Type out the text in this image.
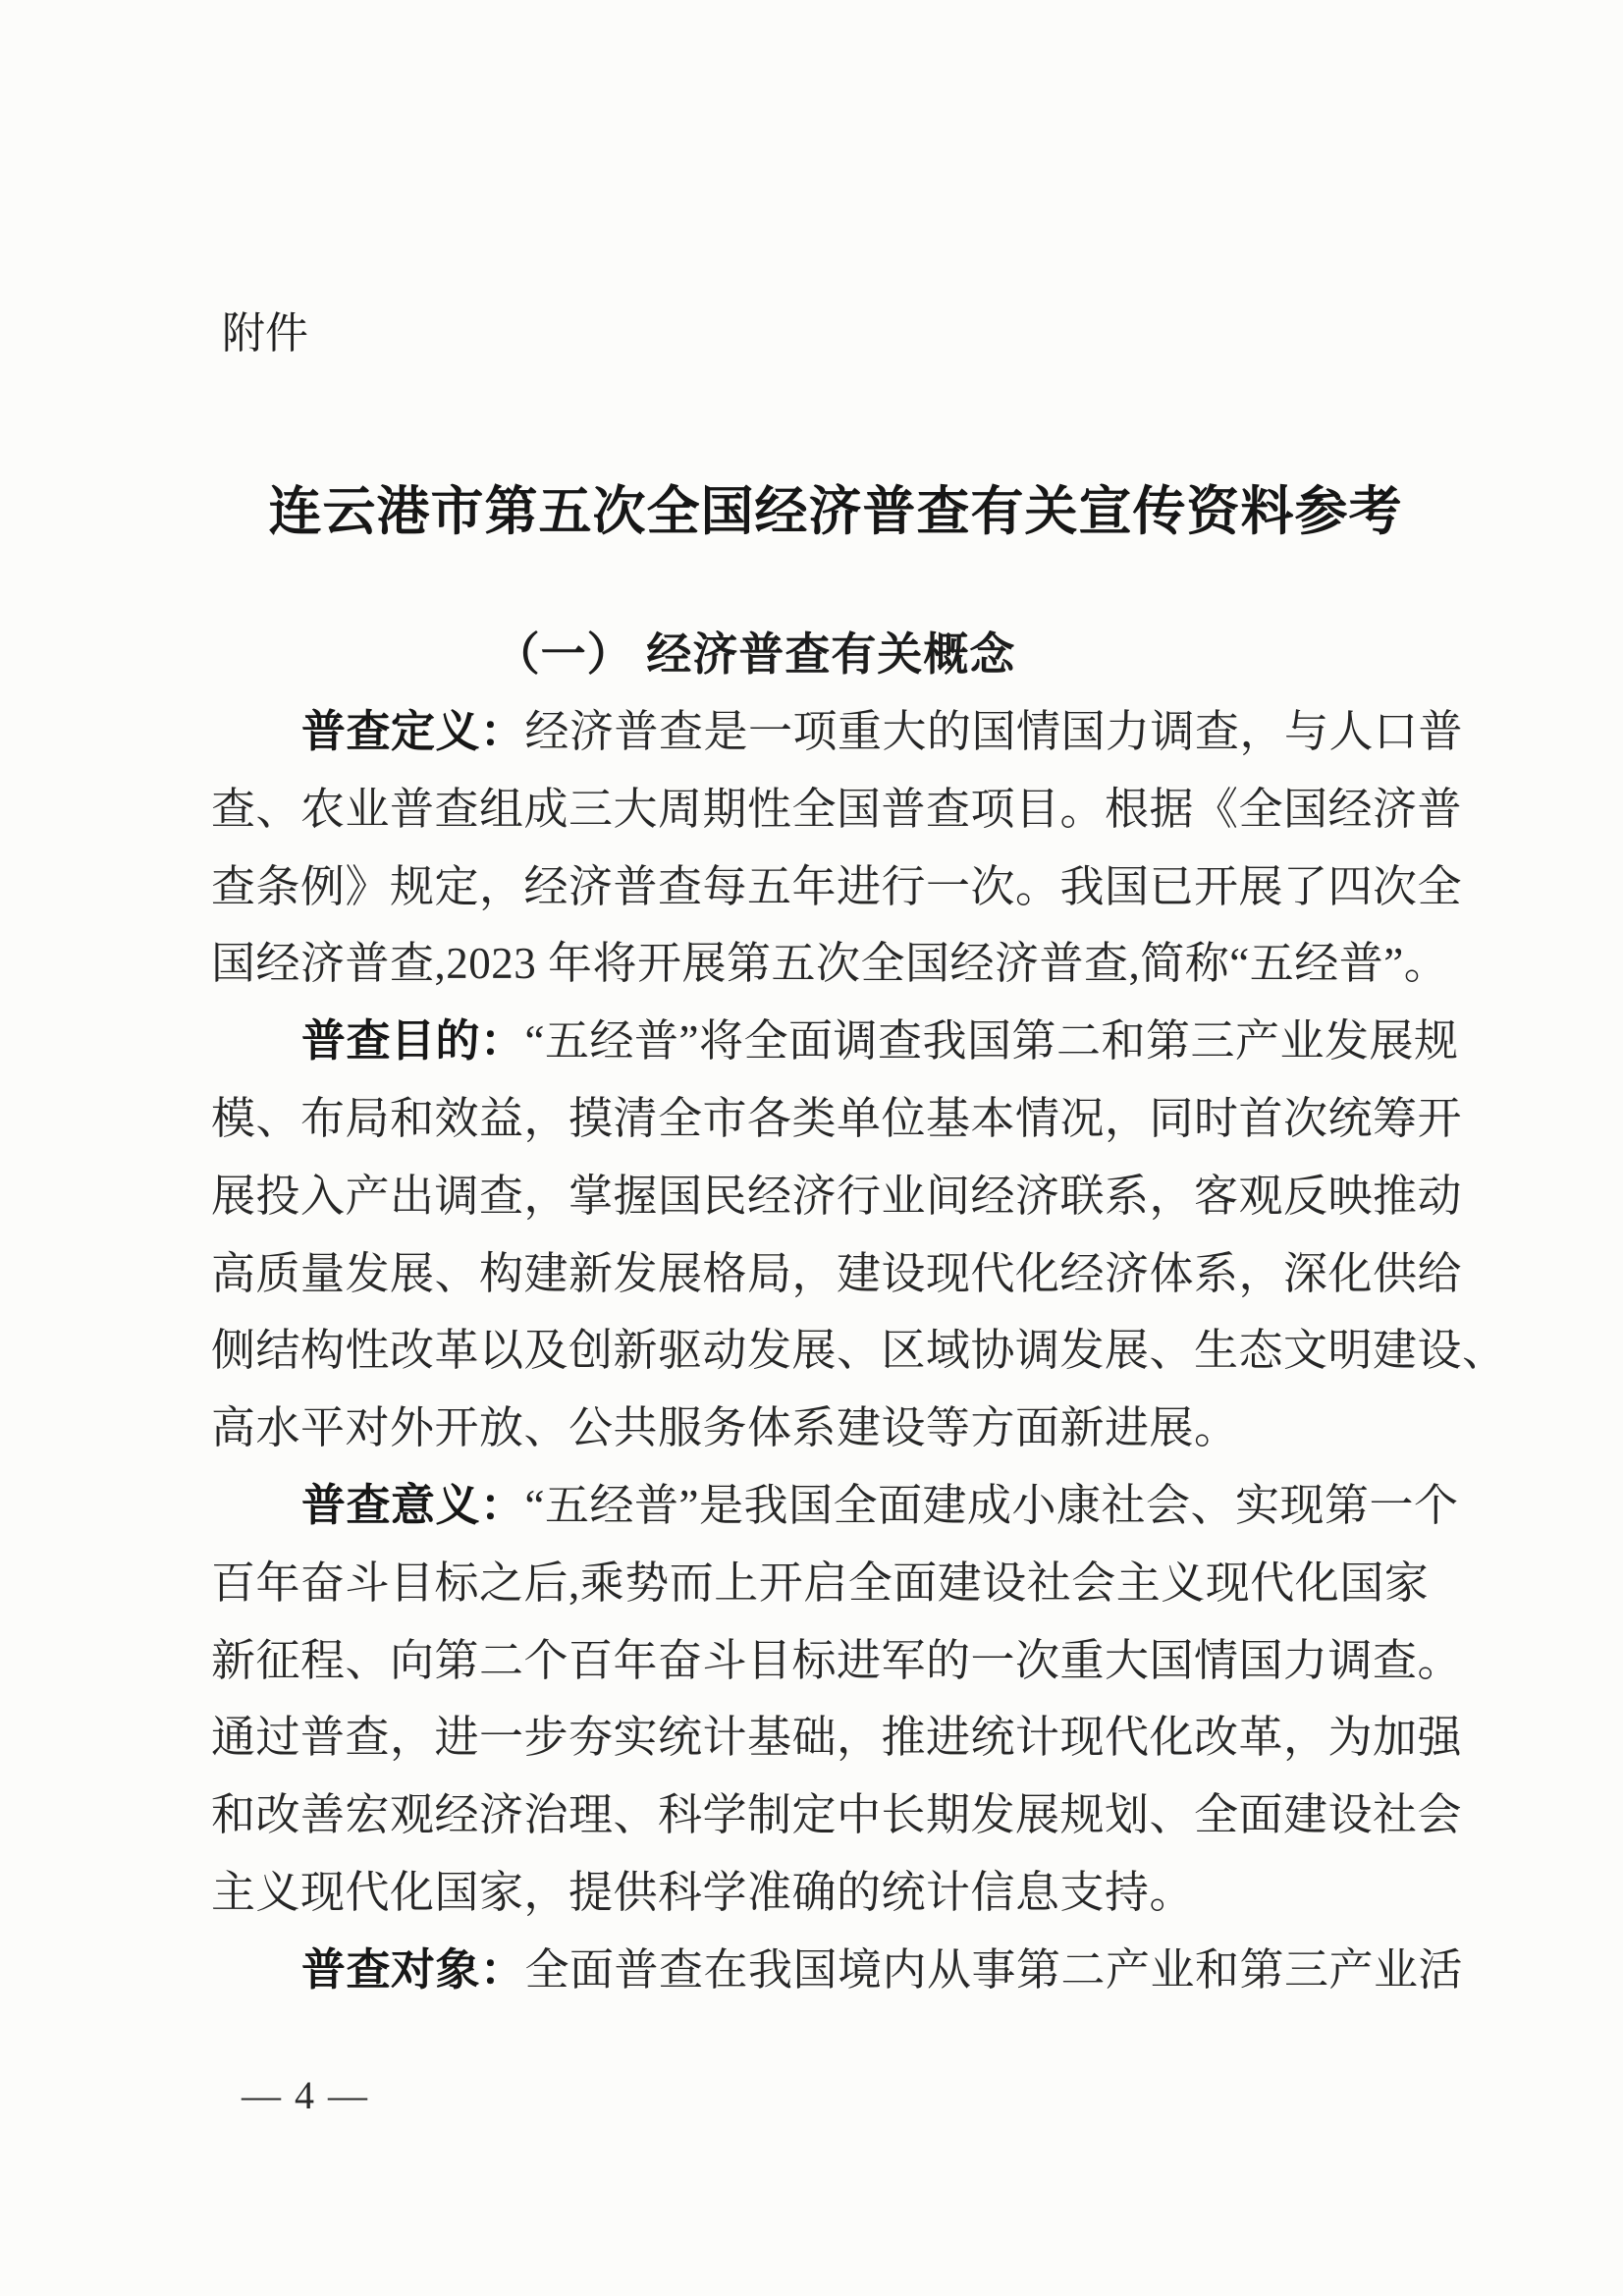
附件
连云港市第五次全国经济普查有关宣传资料参考
（一） 经济普查有关概念
普查定义：经济普查是一项重大的国情国力调查，与人口普
查、农业普查组成三大周期性全国普查项目。根据《全国经济普
查条例》规定，经济普查每五年进行一次。我国已开展了四次全
国经济普查,2023 年将开展第五次全国经济普查,简称“五经普”。
普查目的：“五经普”将全面调查我国第二和第三产业发展规
模、布局和效益，摸清全市各类单位基本情况，同时首次统筹开
展投入产出调查，掌握国民经济行业间经济联系，客观反映推动
高质量发展、构建新发展格局，建设现代化经济体系，深化供给
侧结构性改革以及创新驱动发展、区域协调发展、生态文明建设、
高水平对外开放、公共服务体系建设等方面新进展。
普查意义：“五经普”是我国全面建成小康社会、实现第一个
百年奋斗目标之后,乘势而上开启全面建设社会主义现代化国家
新征程、向第二个百年奋斗目标进军的一次重大国情国力调查。
通过普查，进一步夯实统计基础，推进统计现代化改革，为加强
和改善宏观经济治理、科学制定中长期发展规划、全面建设社会
主义现代化国家，提供科学准确的统计信息支持。
普查对象：全面普查在我国境内从事第二产业和第三产业活
— 4 —
